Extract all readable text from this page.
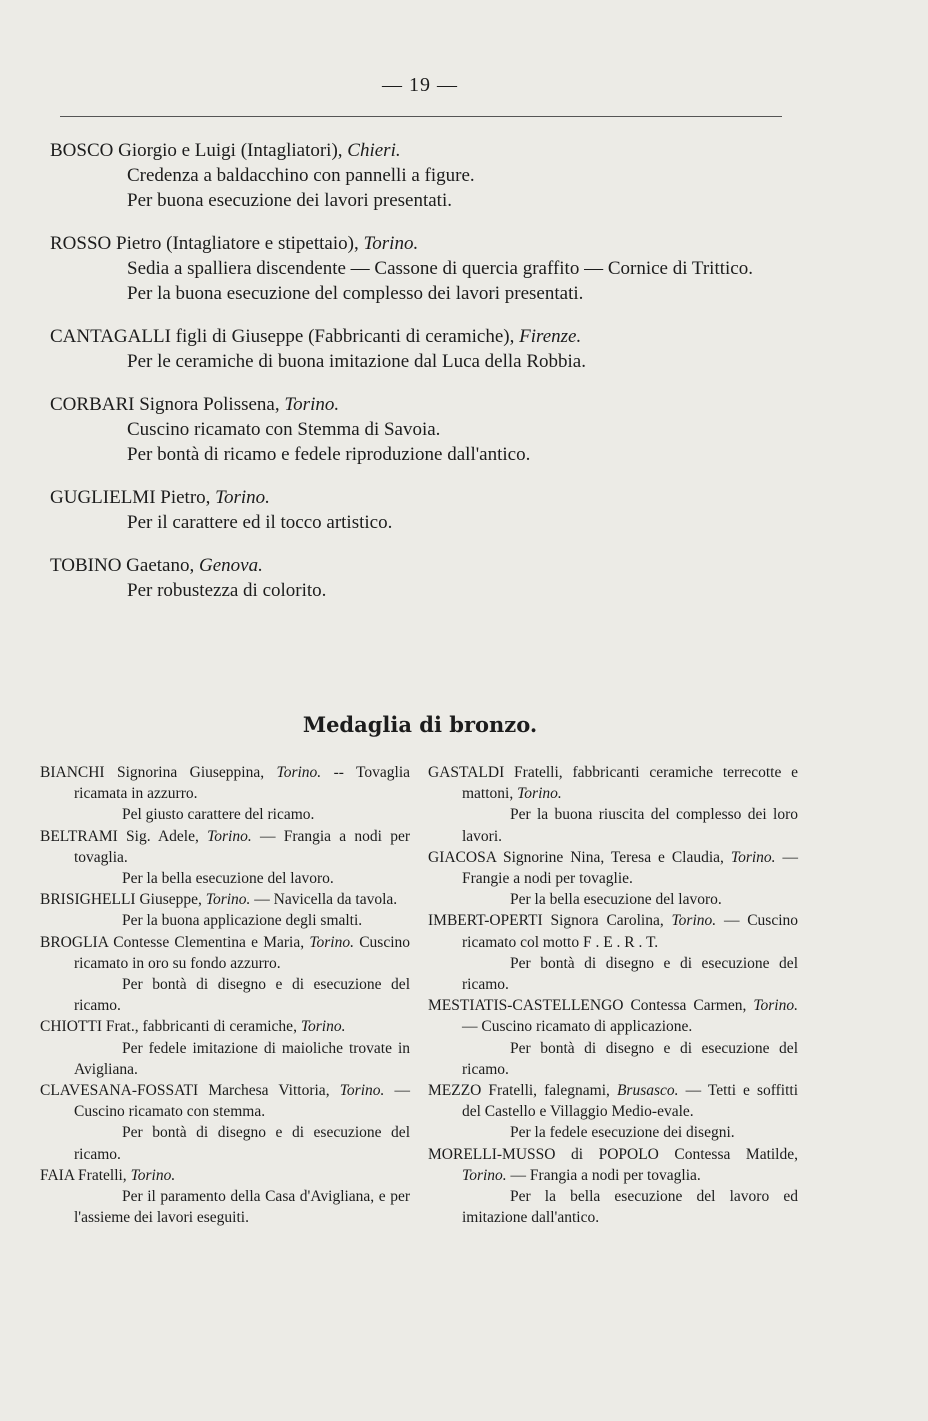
— 19 —

BOSCO Giorgio e Luigi (Intagliatori), Chieri.

Credenza a baldacchino con pannelli a figure.

Per buona esecuzione dei lavori presentati.

ROSSO Pietro (Intagliatore e stipettaio), Torino.

Sedia a spalliera discendente — Cassone di quercia graffito — Cornice di Trittico.

Per la buona esecuzione del complesso dei lavori presentati.

CANTAGALLI figli di Giuseppe (Fabbricanti di ceramiche), Firenze.

Per le ceramiche di buona imitazione dal Luca della Robbia.

CORBARI Signora Polissena, Torino.

Cuscino ricamato con Stemma di Savoia.

Per bontà di ricamo e fedele riproduzione dall'antico.

GUGLIELMI Pietro, Torino.

Per il carattere ed il tocco artistico.

TOBINO Gaetano, Genova.

Per robustezza di colorito.

Medaglia di bronzo.

BIANCHI Signorina Giuseppina, Torino. -- Tovaglia ricamata in azzurro.

Pel giusto carattere del ricamo.

BELTRAMI Sig. Adele, Torino. — Frangia a nodi per tovaglia.

Per la bella esecuzione del lavoro.

BRISIGHELLI Giuseppe, Torino. — Navicella da tavola.

Per la buona applicazione degli smalti.

BROGLIA Contesse Clementina e Maria, Torino. Cuscino ricamato in oro su fondo azzurro.

Per bontà di disegno e di esecuzione del ricamo.

CHIOTTI Frat., fabbricanti di ceramiche, Torino.

Per fedele imitazione di maioliche trovate in Avigliana.

CLAVESANA-FOSSATI Marchesa Vittoria, Torino. — Cuscino ricamato con stemma.

Per bontà di disegno e di esecuzione del ricamo.

FAIA Fratelli, Torino.

Per il paramento della Casa d'Avigliana, e per l'assieme dei lavori eseguiti.

GASTALDI Fratelli, fabbricanti ceramiche terrecotte e mattoni, Torino.

Per la buona riuscita del complesso dei loro lavori.

GIACOSA Signorine Nina, Teresa e Claudia, Torino. — Frangie a nodi per tovaglie.

Per la bella esecuzione del lavoro.

IMBERT-OPERTI Signora Carolina, Torino. — Cuscino ricamato col motto F . E . R . T.

Per bontà di disegno e di esecuzione del ricamo.

MESTIATIS-CASTELLENGO Contessa Carmen, Torino. — Cuscino ricamato di applicazione.

Per bontà di disegno e di esecuzione del ricamo.

MEZZO Fratelli, falegnami, Brusasco. — Tetti e soffitti del Castello e Villaggio Medio-evale.

Per la fedele esecuzione dei disegni.

MORELLI-MUSSO di POPOLO Contessa Matilde, Torino. — Frangia a nodi per tovaglia.

Per la bella esecuzione del lavoro ed imitazione dall'antico.
